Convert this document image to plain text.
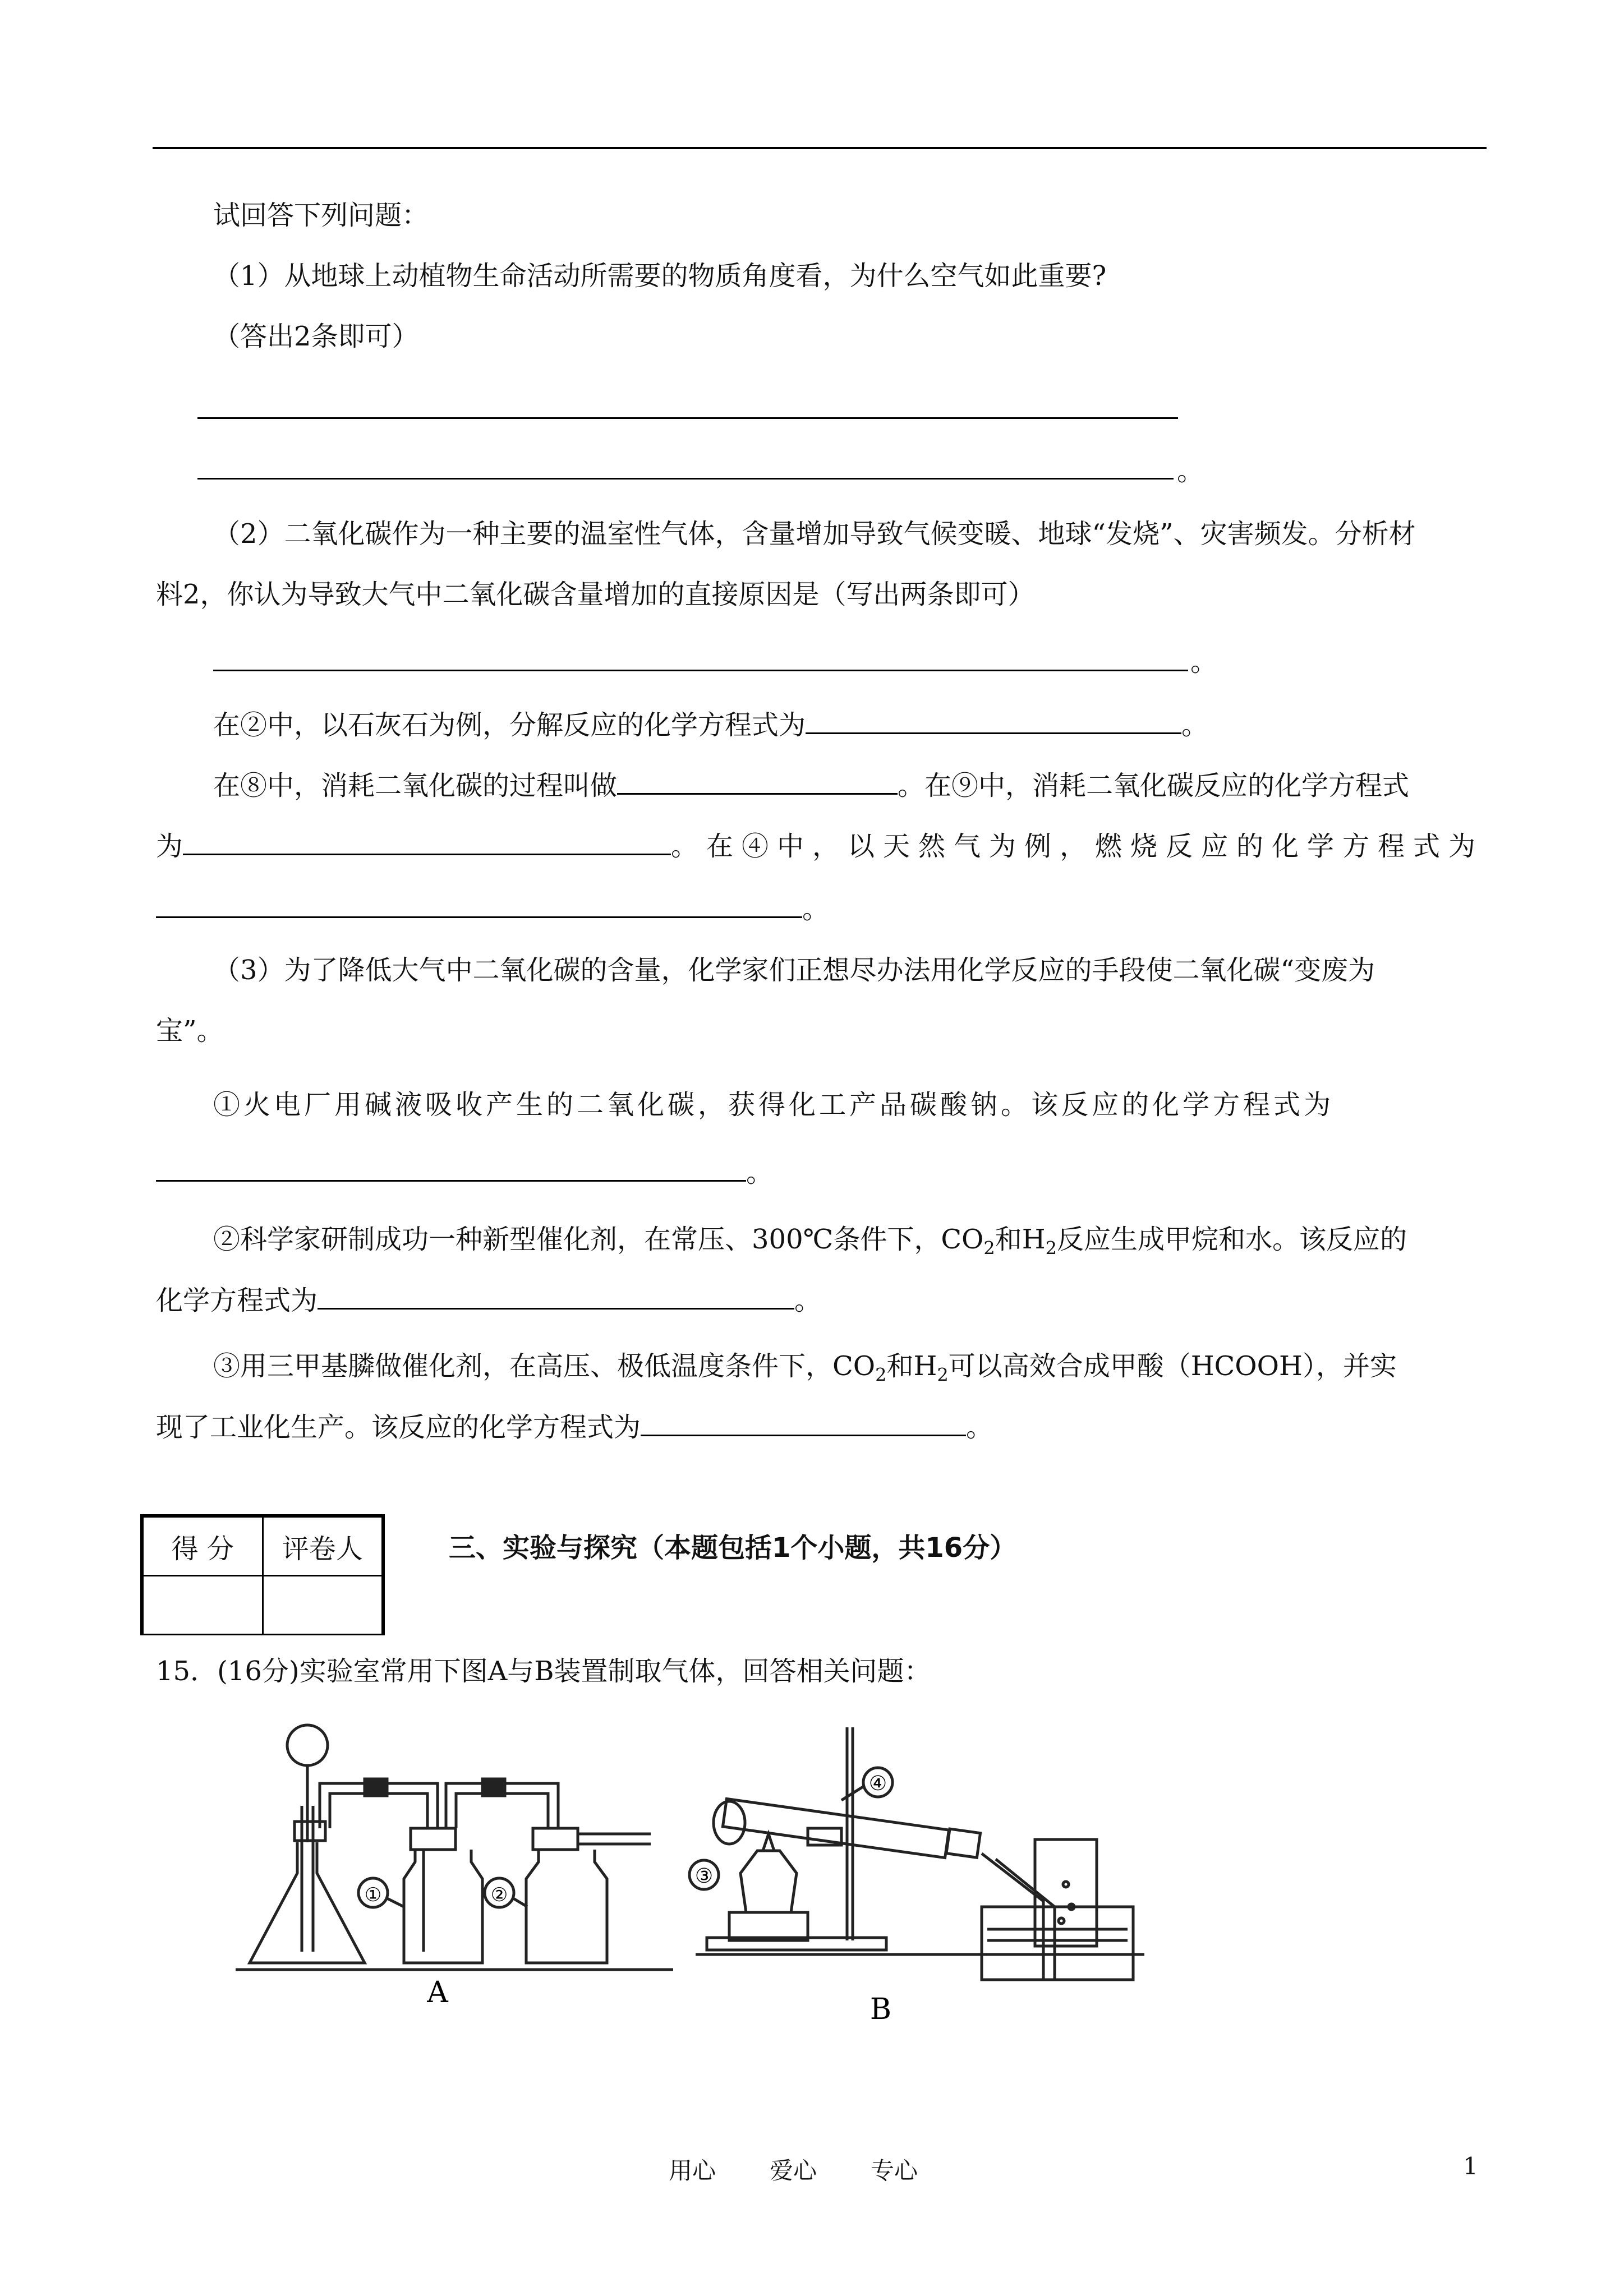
试回答下列问题：
（1）从地球上动植物生命活动所需要的物质角度看，为什么空气如此重要?
（答出2条即可）
。
（2）二氧化碳作为一种主要的温室性气体，含量增加导致气候变暖、地球“发烧”、灾害频发。分析材
料2，你认为导致大气中二氧化碳含量增加的直接原因是（写出两条即可）
。
在②中，以石灰石为例，分解反应的化学方程式为	。
在⑧中，消耗二氧化碳的过程叫做	。在⑨中，消耗二氧化碳反应的化学方程式
为	。在④中，以天然气为例，燃烧反应的化学方程式为
。
（3）为了降低大气中二氧化碳的含量，化学家们正想尽办法用化学反应的手段使二氧化碳“变废为
宝”。
①火电厂用碱液吸收产生的二氧化碳，获得化工产品碳酸钠。该反应的化学方程式为
。
②科学家研制成功一种新型催化剂，在常压、300℃条件下，$CO_2$和$H_2$反应生成甲烷和水。该反应的
化学方程式为	。
③用三甲基膦做催化剂，在高压、极低温度条件下，$CO_2$和$H_2$可以高效合成甲酸（HCOOH），并实
现了工业化生产。该反应的化学方程式为	。
得 分	评卷人
		三、实验与探究（本题包括1个小题，共16分）
15．(16分)实验室常用下图A与B装置制取气体，回答相关问题：
①	②
A
③
④
B
用心 爱心 专心	1
